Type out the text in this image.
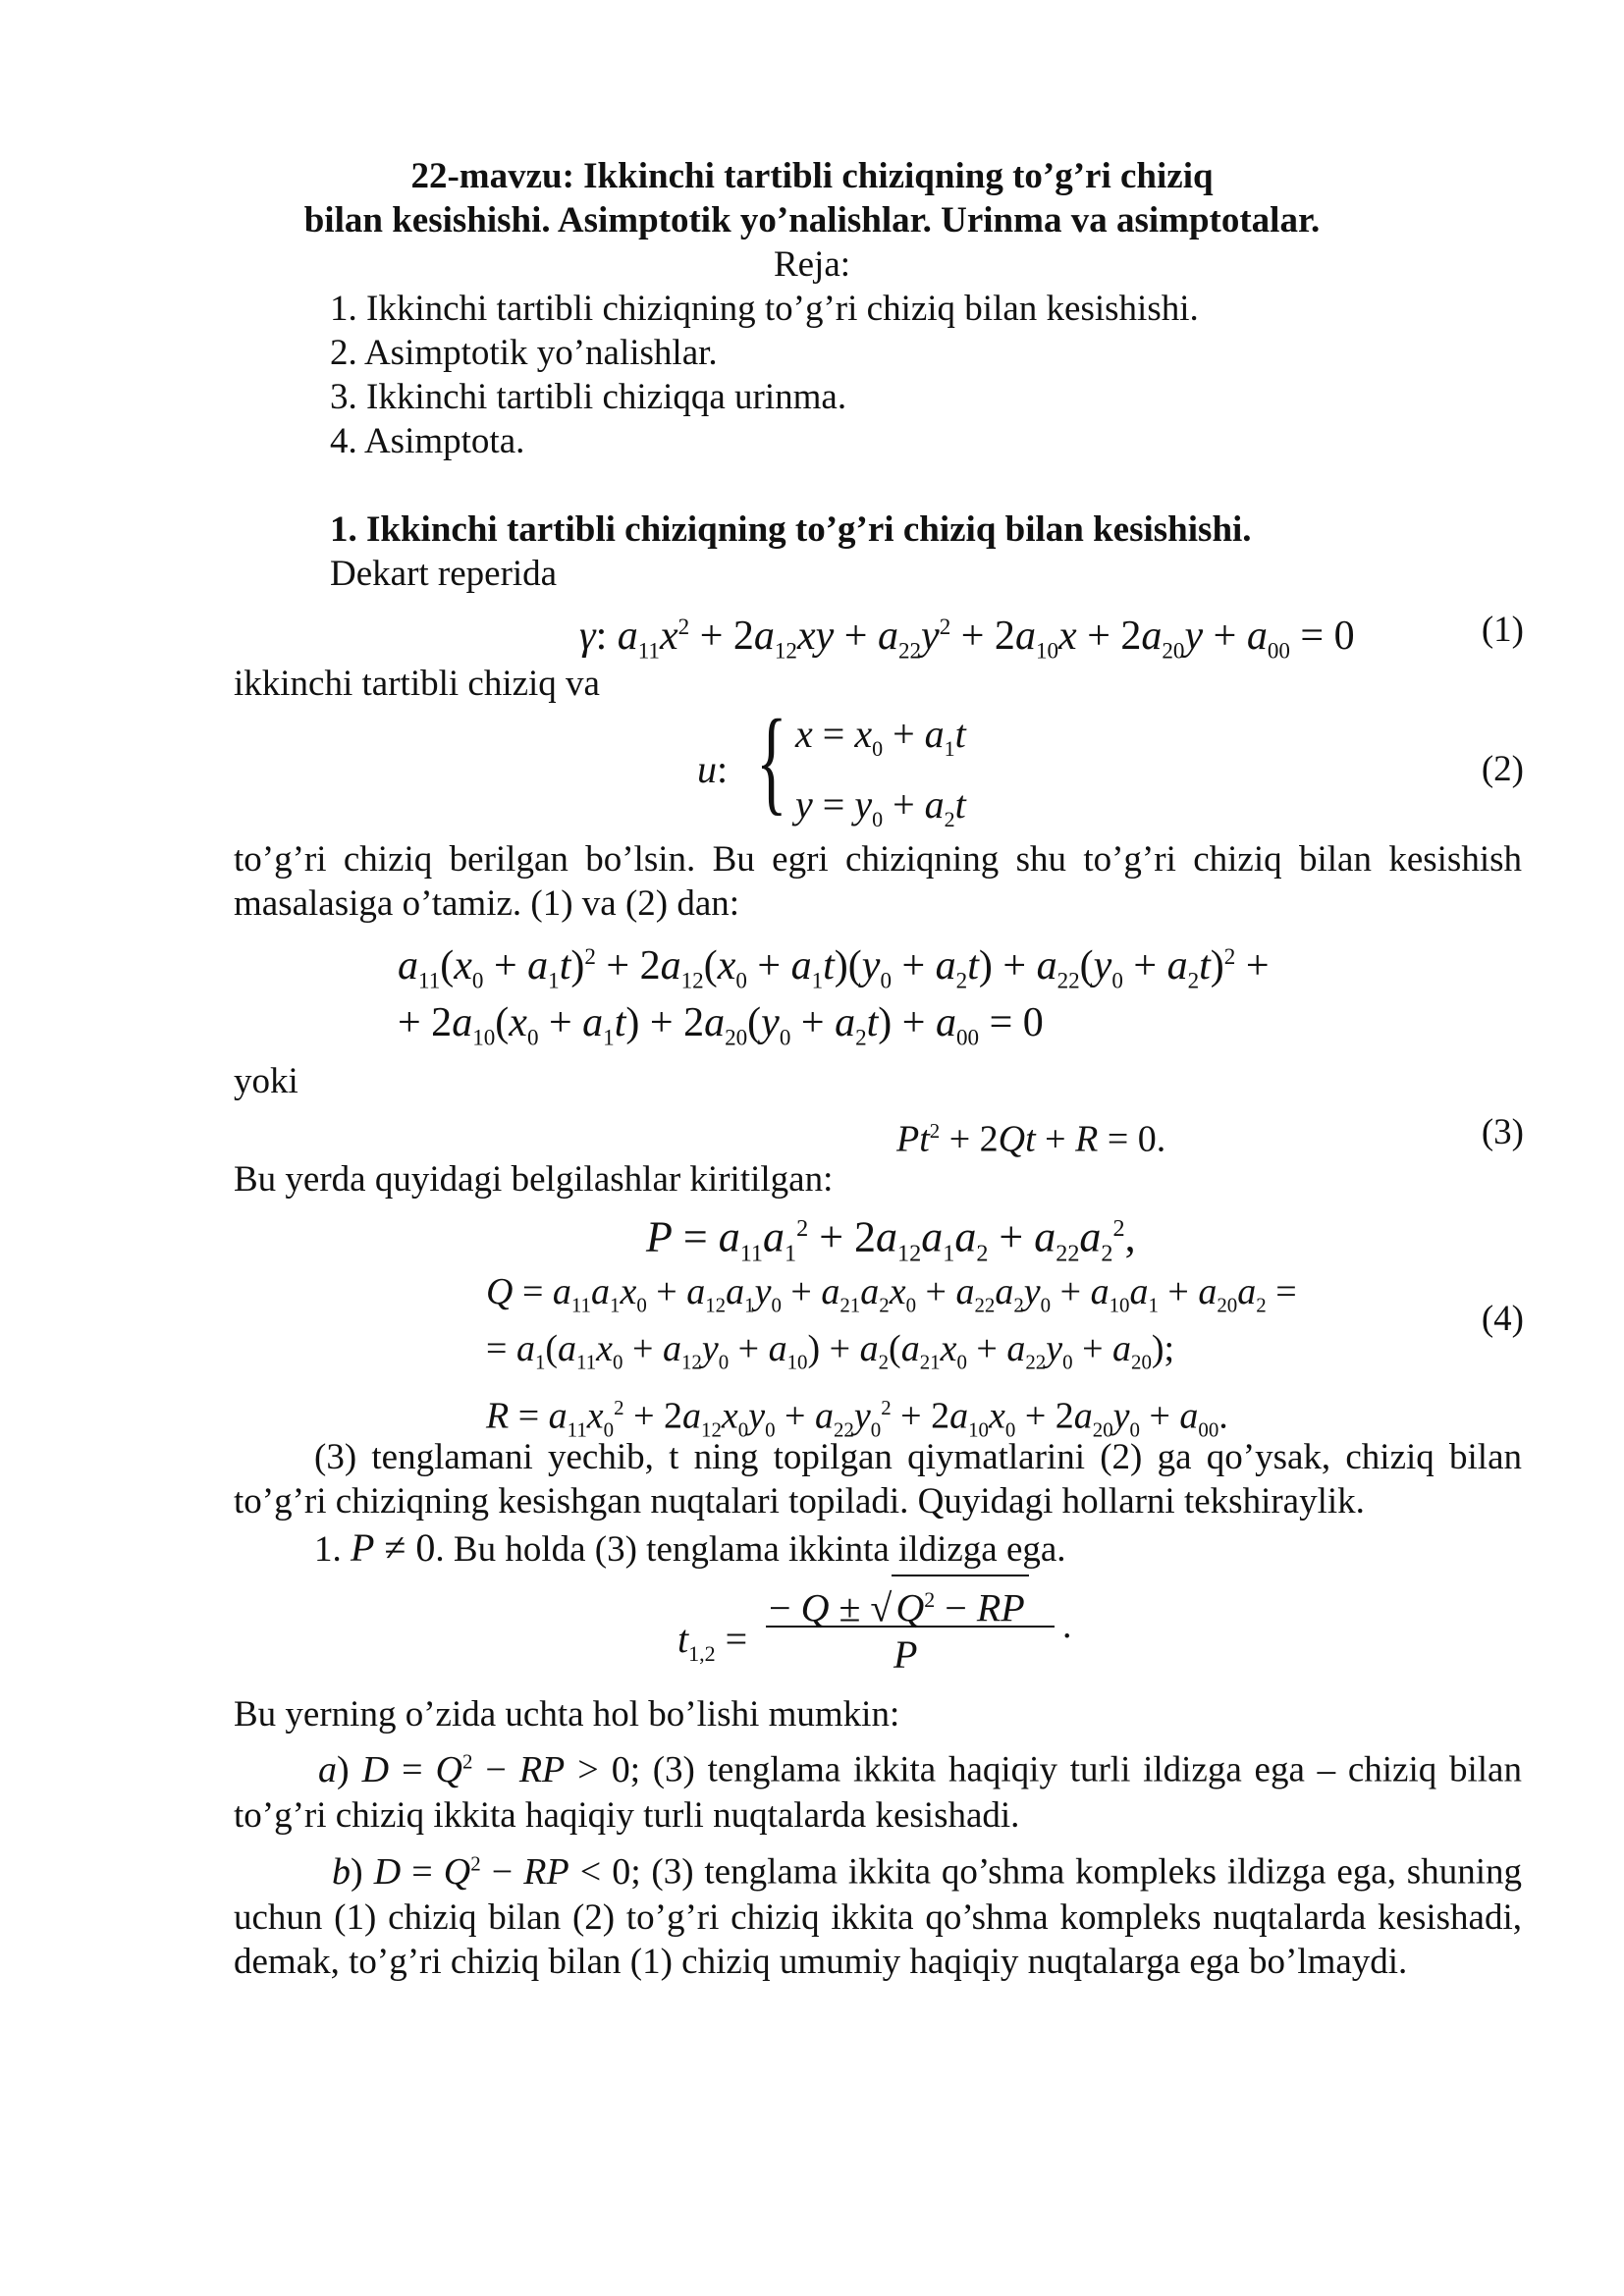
22-mavzu: Ikkinchi tartibli chiziqning to’g’ri chiziq
bilan kesishishi. Asimptotik yo’nalishlar. Urinma va asimptotalar.
Reja:
1. Ikkinchi tartibli chiziqning to’g’ri chiziq bilan kesishishi.
2. Asimptotik yo’nalishlar.
3. Ikkinchi tartibli chiziqqa urinma.
4. Asimptota.
1. Ikkinchi tartibli chiziqning to’g’ri chiziq bilan kesishishi.
Dekart reperida
γ: $a_{11}x^2 + 2a_{12}xy + a_{22}y^2 + 2a_{10}x + 2a_{20}y + a_{00} = 0$	(1)
ikkinchi tartibli chiziq va
u: { $x = x_0 + a_1t$
$y = y_0 + a_2t$
(2)
to’g’ri chiziq berilgan bo’lsin. Bu egri chiziqning shu to’g’ri chiziq bilan kesishish masalasiga o’tamiz. (1) va (2) dan:
$a_{11}(x_0 + a_1t)^2 + 2a_{12}(x_0 + a_1t)(y_0 + a_2t) + a_{22}(y_0 + a_2t)^2$ +
+ $2a_{10}(x_0 + a_1t) + 2a_{20}(y_0 + a_2t) + a_{00} = 0$
yoki
$Pt^2 + 2Qt + R = 0$.	(3)
Bu yerda quyidagi belgilashlar kiritilgan:
$P = a_{11}a_1^2 + 2a_{12}a_1a_2 + a_{22}a_2^2$,
$Q = a_{11}a_1x_0 + a_{12}a_1y_0 + a_{21}a_2x_0 + a_{22}a_2y_0 + a_{10}a_1 + a_{20}a_2$ =
= $a_1(a_{11}x_0 + a_{12}y_0 + a_{10}) + a_2(a_{21}x_0 + a_{22}y_0 + a_{20})$;
(4)
$R = a_{11}x_0^2 + 2a_{12}x_0y_0 + a_{22}y_0^2 + 2a_{10}x_0 + 2a_{20}y_0 + a_{00}$.
(3) tenglamani yechib, t ning topilgan qiymatlarini (2) ga qo’ysak, chiziq bilan to’g’ri chiziqning kesishgan nuqtalari topiladi. Quyidagi hollarni tekshiraylik.
1. P ≠ 0. Bu holda (3) tenglama ikkinta ildizga ega.
$t_{1,2}$ =
− Q ± √ $Q^2$ − RP
P
.
Bu yerning o’zida uchta hol bo’lishi mumkin:
a) $D = Q^2$ − RP > 0; (3) tenglama ikkita haqiqiy turli ildizga ega – chiziq bilan to’g’ri chiziq ikkita haqiqiy turli nuqtalarda kesishadi.
b) $D = Q^2$ − RP < 0; (3) tenglama ikkita qo’shma kompleks ildizga ega, shuning uchun (1) chiziq bilan (2) to’g’ri chiziq ikkita qo’shma kompleks nuqtalarda kesishadi, demak, to’g’ri chiziq bilan (1) chiziq umumiy haqiqiy nuqtalarga ega bo’lmaydi.
